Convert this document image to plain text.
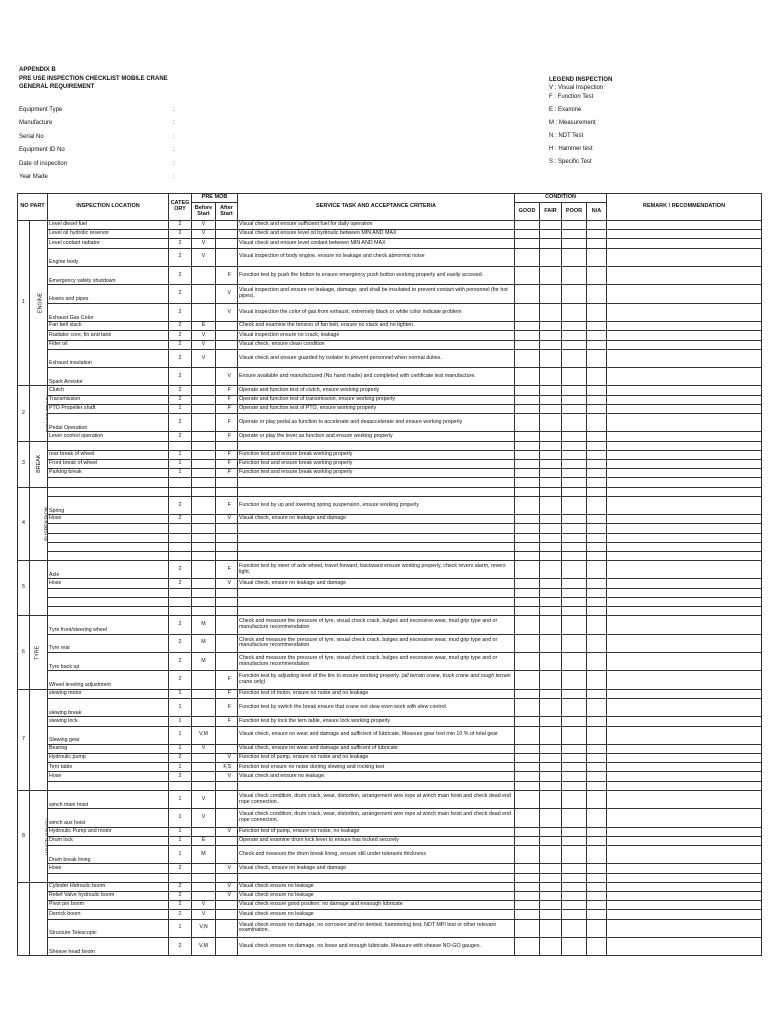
APPENDIX B
PRE USE INSPECTION CHECKLIST MOBILE CRANE
GENERAL REQUIREMENT
Equipment Type	:
Manufacture	:
Serial No	:
Equipment ID No	:
Date of inspection	:
Year Made	:
LEGEND INSPECTION
V : Visual Inspection
F : Function Test
E : Examine
M : Measurement
N : NDT Test
H : Hammer test
S : Specific Test
NO PART		INSPECTION LOCATION	CATEG ORY	PRE MOB		SERVICE TASK AND ACCEPTANCE CRITERIA	CONDITION				REMARK / RECOMMENDATION
				Before Start	After Start		GOOD	FAIR	POOR	N/A	
1	ENGINE	Level diesel fuel	2	V		Visual check and ensure sufficient fuel for daily operation					
		Level oil hydrolic reservor	2	V		Visual check and ensure level oil hydroulic between MIN AND MAX					
		Level coolant radiator	2	V		Visual check and ensure level coolant between MIN AND MAX					
		Engine body	2	V		Visual inspection of body engine, ensure no leakage and check abnormal noise					
		Emergency safety shutdown	2		F	Function test by push the botton to ensure emergency push botton working properly and easily accesed.					
		Hoses and pipes	2		V	Visual inspection and ensure no leakage, damage, and shall be insulated to prevent contact with personnel (for hot pipes).					
		Exhaust Gas Color	2		V	Visual inspection the color of gas from exhaust, extremely black or white color indicate problem					
		Fan belt slack	2	E		Check and examine the tension of fan belt, ensure no slack and no tighten.					
		Radiator core, fin and tank	2	V		Visual inspection ensure no crack, leakage					
		Filter oil	2	V		Visual check, ensure clean condition					
		Exhaust insulation	2	V		Visual check and ensure guarded by isolator to prevent personnel when normal duties.					
		Spark Arrestor	2		V	Ensure available and manufactured (No hand made) and completed with certificate test manufacture.					
2		Clutch	2		F	Operate and function test of clutch, ensure working properly					
		Transmission	2		F	Operate and function test of transmission, ensure working properly					
		PTO Propeller shaft	1		F	Operate and function test of PTO, ensure working properly					
		Pedal Operation	2		F	Operate or play pedal as function to accelerate and deaaccelerate and ensure working properly					
		Lever control operation	2		F	Operate or play the lever as function and ensure working properly					
3	BREAK										
		rear break of wheel	1		F	Function test and ensure break working properly					
		Front break of wheel	1		F	Function test and ensure break working properly					
		Parking break	1		F	Function test and ensure break working properly					

4	SUSPENSION										
		Spring	2		F	Function test by up and lowering spring suspension, ensure working properly					
		Hose	2		V	Visual check, ensure no leakage and damage					

5		Axle	2		F	Function test by steer of axle wheel, travel forward, backward ensure working properly, check revers alarm, revers light,					
		Hose	2		V	Visual check, ensure no leakage and damage					

6	TYRE	Tyre front/steering wheel	2	M		Check and measure the pressure of tyre, visual check crack, bulges and excessive wear, mud grip type and or manufacture recommendation					
		Tyre rear	2	M		Check and measure the pressure of tyre, visual check crack, bulges and excessive wear, mud grip type and or manufacture recommendation					
		Tyre back up	2	M		Check and measure the pressure of tyre, visual check crack, bulges and excessive wear, mud grip type and or manufacture recommendation					
		Wheel leveling adjustment	2		F	Function test by adjusting level of the tire to ensure working properly. (all terrain crane, truck crane and rough terrain crane only)					
7		slewing motor	1		F	Function test of motor, ensure no noise and no leakage					
		slewing break	1		F	Function test by switch the break ensure that crane not slew even work with slew control.					
		slewing lock	1		F	Function test by lock the tern table, ensure lock working properly					
		Slewing gear	1	V,M		Visual check, ensure no wear and damage and sufficient of lubricate. Measure gear toot min 10 % of total gear					
		Bearing	1	V		Visual check, ensure no wear and damage and sufficent of lubricate					
		Hydroulic pump	2		V	Function test of pump, ensure no noise and no leakage					
		Tern table	1		F,S	Function test ensure no noise durimg slewing and rocking test					
		Hose	2		V	Visual check and ensure no leakage.					

8		winch main hoist	1	V		Visual check condition, drum crack, wear, distortion, arrangement wire rope at winch main hoist and check dead end rope connection.					
		winch aux hoist	1	V		Visual check condition, drum crack, wear, distortion, arrangement wire rope at winch main hoist and check dead end rope connection.					
		Hydroulic Pump and motor	1		V	Function test of pump, ensure no noise, no leakage					
		Drum lock	1	E		Operate and examine drum lock lever to ensure has locked securely					
		Drum break lining	1	M		Check and measure the drum break lining, ensure still under tolerants thickness					
		Hose	2		V	Visual check, ensure no leakage and damage					

		Cylinder Hidroulic boom	2		V	Visual check ensure no leakage					
		Relief Valve hydroulic boom	2		V	Visual check ensure no leakage					
		Pivot pin boom	2	V		Visual check ensure good position, no damage and enaough lubricate					
		Derrick boom	2	V		Visual check ensure no leakage					
		Structure Telescopic	1	V,N		Visual check ensure no damage, no corrosion and no dented, hammering test, NDT MPI test or other relevant examination.					
		Sheave head boom	2	V,M		Visual check ensure no damage, no loose and enough lubricate. Measure with sheave NO-GO gauges.					
